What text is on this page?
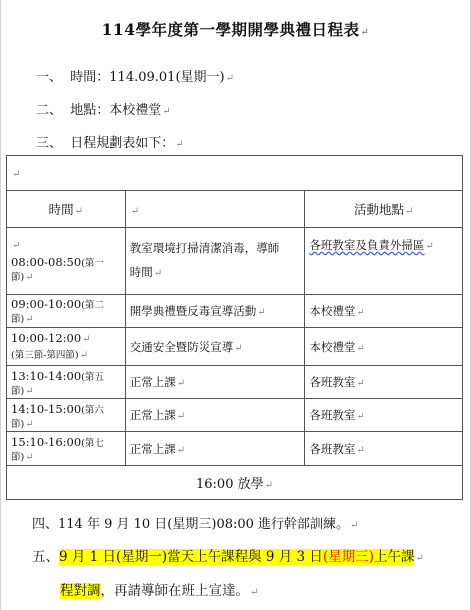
114學年度第一學期開學典禮日程表↵
一、 時間：114.09.01(星期一)↵
二、 地點：本校禮堂↵
三、 日程規劃表如下：↵
↵		
時間↵	↵	活動地點↵

↵
08:00-08:50(第一節)↵	教室環境打掃清潔消毒，導師
時間↵	各班教室及負責外掃區↵
09:00-10:00(第二節)↵	開學典禮暨反毒宣導活動↵	本校禮堂↵
10:00-12:00↵
(第三節-第四節)↵	交通安全暨防災宣導↵	本校禮堂↵
13:10-14:00(第五節)↵	正常上課↵	各班教室↵
14:10-15:00(第六節)↵	正常上課↵	各班教室↵
15:10-16:00(第七節)↵	正常上課↵	各班教室↵
16:00 放學↵		
四、114 年 9 月 10 日(星期三)08:00 進行幹部訓練。↵
五、9 月 1 日(星期一)當天上午課程與 9 月 3 日(星期三)上午課↵
程對調，再請導師在班上宣達。↵
